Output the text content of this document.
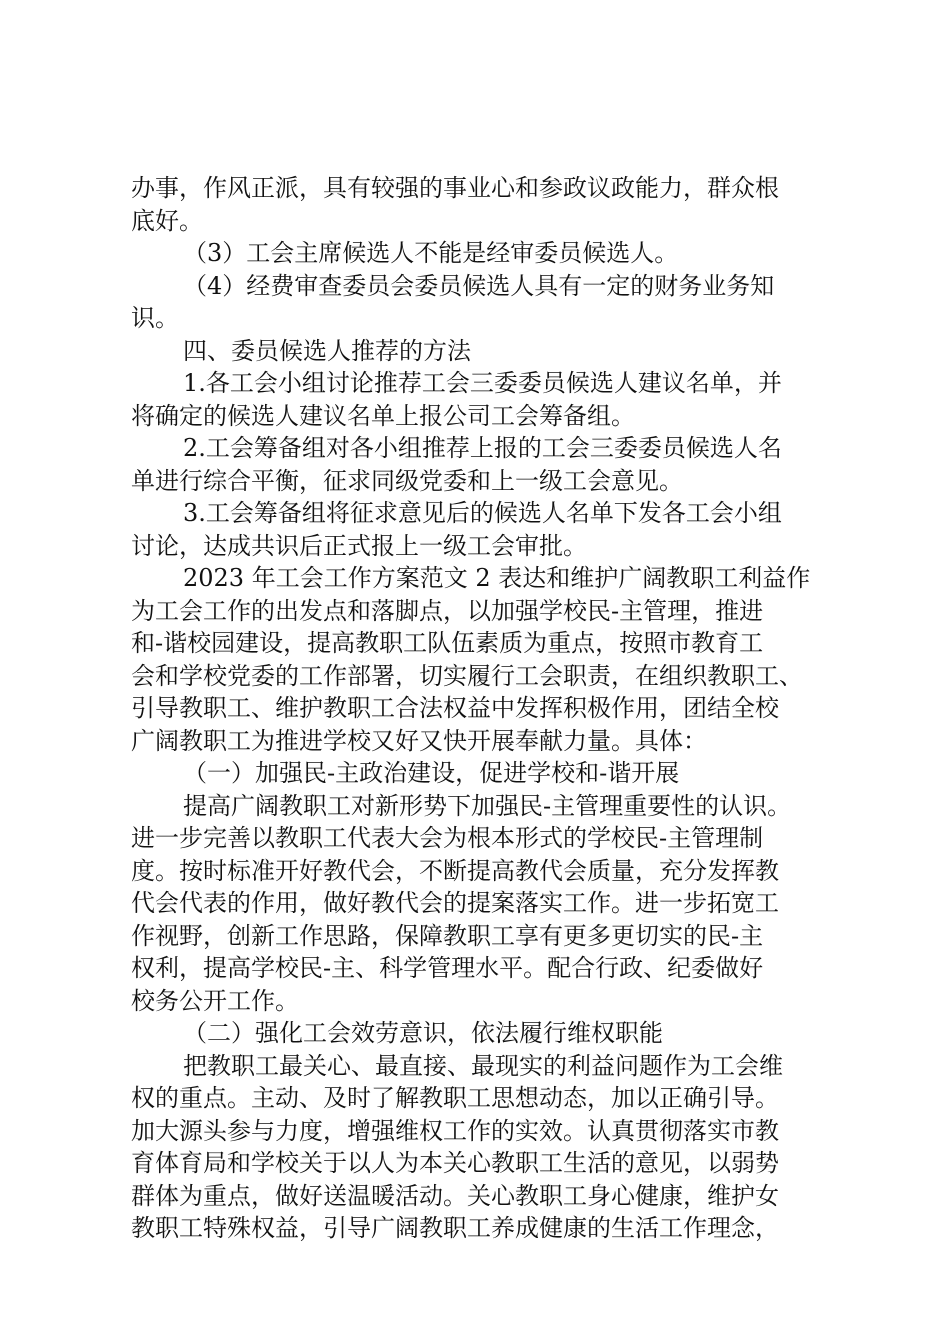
办事，作风正派，具有较强的事业心和参政议政能力，群众根
底好。
（3）工会主席候选人不能是经审委员候选人。
（4）经费审查委员会委员候选人具有一定的财务业务知
识。
四、委员候选人推荐的方法
1.各工会小组讨论推荐工会三委委员候选人建议名单，并
将确定的候选人建议名单上报公司工会筹备组。
2.工会筹备组对各小组推荐上报的工会三委委员候选人名
单进行综合平衡，征求同级党委和上一级工会意见。
3.工会筹备组将征求意见后的候选人名单下发各工会小组
讨论，达成共识后正式报上一级工会审批。
2023 年工会工作方案范文 2 表达和维护广阔教职工利益作
为工会工作的出发点和落脚点，以加强学校民-主管理，推进
和-谐校园建设，提高教职工队伍素质为重点，按照市教育工
会和学校党委的工作部署，切实履行工会职责，在组织教职工、
引导教职工、维护教职工合法权益中发挥积极作用，团结全校
广阔教职工为推进学校又好又快开展奉献力量。具体：
（一）加强民-主政治建设，促进学校和-谐开展
提高广阔教职工对新形势下加强民-主管理重要性的认识。
进一步完善以教职工代表大会为根本形式的学校民-主管理制
度。按时标准开好教代会，不断提高教代会质量，充分发挥教
代会代表的作用，做好教代会的提案落实工作。进一步拓宽工
作视野，创新工作思路，保障教职工享有更多更切实的民-主
权利，提高学校民-主、科学管理水平。配合行政、纪委做好
校务公开工作。
（二）强化工会效劳意识，依法履行维权职能
把教职工最关心、最直接、最现实的利益问题作为工会维
权的重点。主动、及时了解教职工思想动态，加以正确引导。
加大源头参与力度，增强维权工作的实效。认真贯彻落实市教
育体育局和学校关于以人为本关心教职工生活的意见，以弱势
群体为重点，做好送温暖活动。关心教职工身心健康，维护女
教职工特殊权益，引导广阔教职工养成健康的生活工作理念，
